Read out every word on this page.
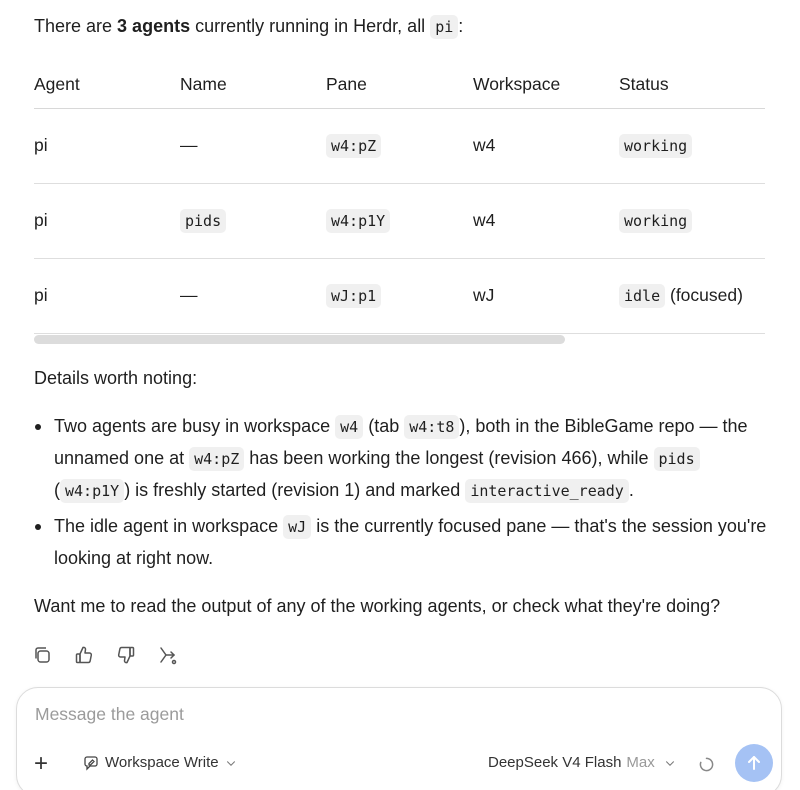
There are 3 agents currently running in Herdr, all pi :
Agent	Name	Pane	Workspace	Status
pi	—	w4:pZ	w4	working
pi	pids	w4:p1Y	w4	working
pi	—	wJ:p1	wJ	idle (focused)
Details worth noting:
Two agents are busy in workspace w4 (tab w4:t8 ), both in the BibleGame repo — the unnamed one at w4:pZ has been working the longest (revision 466), while pids ( w4:p1Y ) is freshly started (revision 1) and marked interactive_ready .
The idle agent in workspace wJ is the currently focused pane — that's the session you're looking at right now.
Want me to read the output of any of the working agents, or check what they're doing?
Message the agent
+	Workspace Write	DeepSeek V4 Flash Max
